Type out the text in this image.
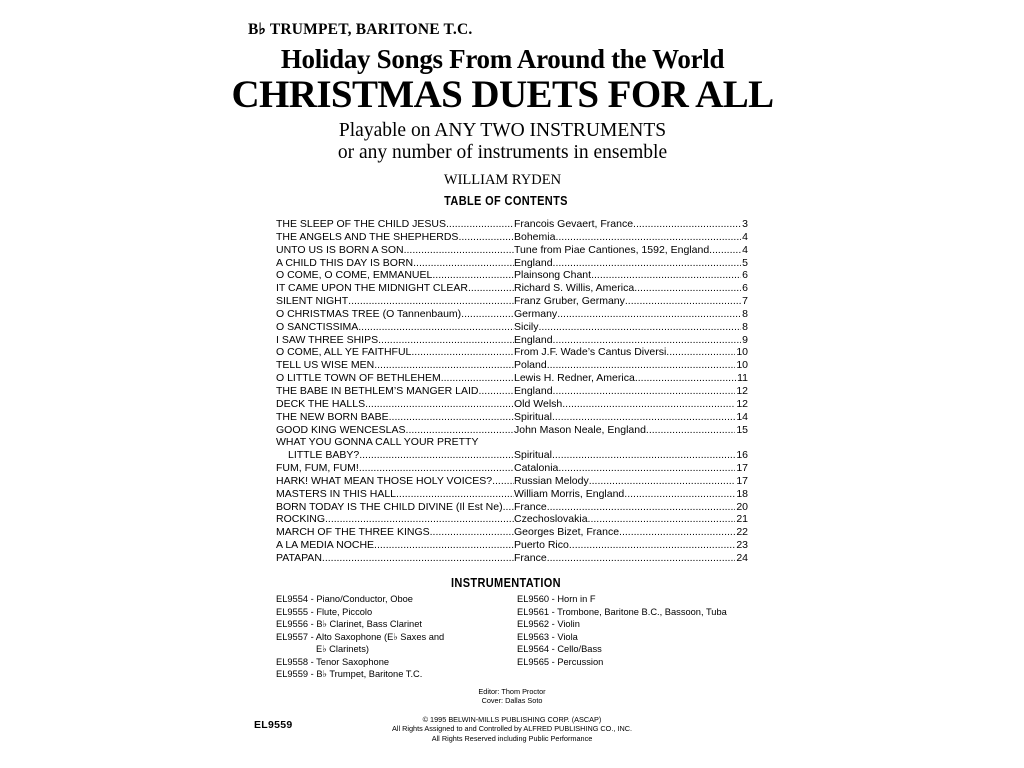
B♭ TRUMPET, BARITONE T.C.
Holiday Songs From Around the World
CHRISTMAS DUETS FOR ALL
Playable on ANY TWO INSTRUMENTS
or any number of instruments in ensemble
WILLIAM RYDEN
TABLE OF CONTENTS
THE SLEEP OF THE CHILD JESUS .....	Francois Gevaert, France .....	3
THE ANGELS AND THE SHEPHERDS .....	Bohemia .....	4
UNTO US IS BORN A SON .....	Tune from Piae Cantiones, 1592, England .....	4
A CHILD THIS DAY IS BORN .....	England .....	5
O COME, O COME, EMMANUEL .....	Plainsong Chant .....	6
IT CAME UPON THE MIDNIGHT CLEAR .....	Richard S. Willis, America .....	6
SILENT NIGHT .....	Franz Gruber, Germany .....	7
O CHRISTMAS TREE (O Tannenbaum) .....	Germany .....	8
O SANCTISSIMA .....	Sicily .....	8
I SAW THREE SHIPS .....	England .....	9
O COME, ALL YE FAITHFUL .....	From J.F. Wade’s Cantus Diversi .....	10
TELL US WISE MEN .....	Poland .....	10
O LITTLE TOWN OF BETHLEHEM .....	Lewis H. Redner, America .....	11
THE BABE IN BETHLEM’S MANGER LAID .....	England .....	12
DECK THE HALLS .....	Old Welsh .....	12
THE NEW BORN BABE .....	Spiritual .....	14
GOOD KING WENCESLAS .....	John Mason Neale, England .....	15
WHAT YOU GONNA CALL YOUR PRETTY
LITTLE BABY? .....	Spiritual .....	16
FUM, FUM, FUM! .....	Catalonia .....	17
HARK! WHAT MEAN THOSE HOLY VOICES? ..... Russian Melody .....	17
MASTERS IN THIS HALL .....	William Morris, England .....	18
BORN TODAY IS THE CHILD DIVINE (Il Est Ne) ..... France .....	20
ROCKING .....	Czechoslovakia .....	21
MARCH OF THE THREE KINGS .....	Georges Bizet, France .....	22
A LA MEDIA NOCHE .....	Puerto Rico .....	23
PATAPAN .....	France .....	24
INSTRUMENTATION
EL9554 - Piano/Conductor, Oboe
EL9555 - Flute, Piccolo
EL9556 - B♭ Clarinet, Bass Clarinet
EL9557 - Alto Saxophone (E♭ Saxes and
E♭ Clarinets)
EL9558 - Tenor Saxophone
EL9559 - B♭ Trumpet, Baritone T.C.
EL9560 - Horn in F
EL9561 - Trombone, Baritone B.C., Bassoon, Tuba
EL9562 - Violin
EL9563 - Viola
EL9564 - Cello/Bass
EL9565 - Percussion
Editor: Thom Proctor
Cover: Dallas Soto
EL9559	© 1995 BELWIN-MILLS PUBLISHING CORP. (ASCAP)
All Rights Assigned to and Controlled by ALFRED PUBLISHING CO., INC.
All Rights Reserved including Public Performance
